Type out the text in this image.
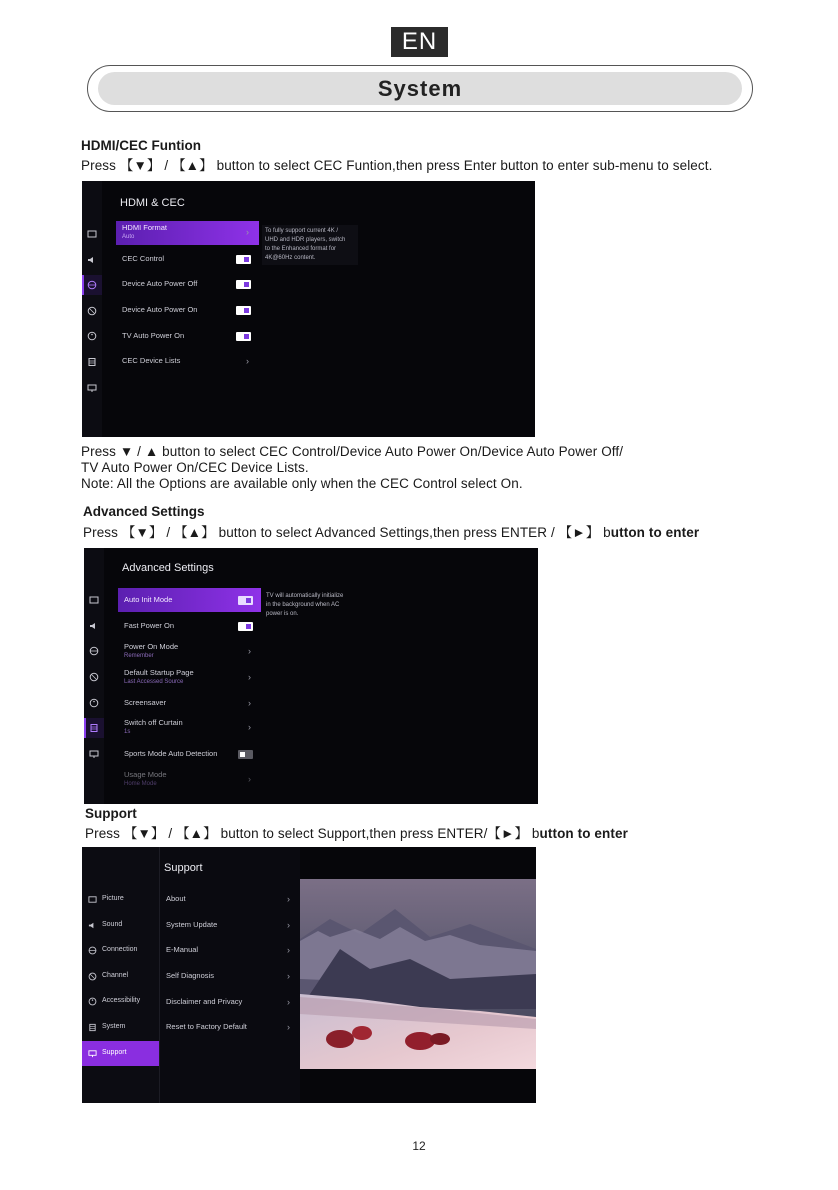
EN
System
HDMI/CEC Funtion
Press 【▼】 / 【▲】 button to select CEC Funtion,then press Enter button to enter sub-menu to select.
HDMI & CEC
HDMI Format
Auto	›
CEC Control
Device Auto Power Off
Device Auto Power On
TV Auto Power On
CEC Device Lists	›
To fully support current 4K /
UHD and HDR players, switch
to the Enhanced format for
4K@60Hz content.
Press ▼ / ▲ button to select CEC Control/Device Auto Power On/Device Auto Power Off/
TV Auto Power On/CEC Device Lists.
Note: All the Options are available only when the CEC Control select On.
Advanced Settings
Press 【▼】 / 【▲】 button to select Advanced Settings,then press ENTER / 【►】 button to enter
Advanced Settings
Auto Init Mode
Fast Power On
Power On Mode
Remember	›
Default Startup Page
Last Accessed Source	›
Screensaver	›
Switch off Curtain
1s	›
Sports Mode Auto Detection
Usage Mode
Home Mode	›
TV will automatically initialize
in the background when AC
power is on.
Support
Press 【▼】 / 【▲】 button to select Support,then press ENTER/【►】 button to enter
Picture
Sound
Connection
Channel
Accessibility
System
Support
Support
About	›
System Update	›
E-Manual	›
Self Diagnosis	›
Disclaimer and Privacy	›
Reset to Factory Default	›
12
